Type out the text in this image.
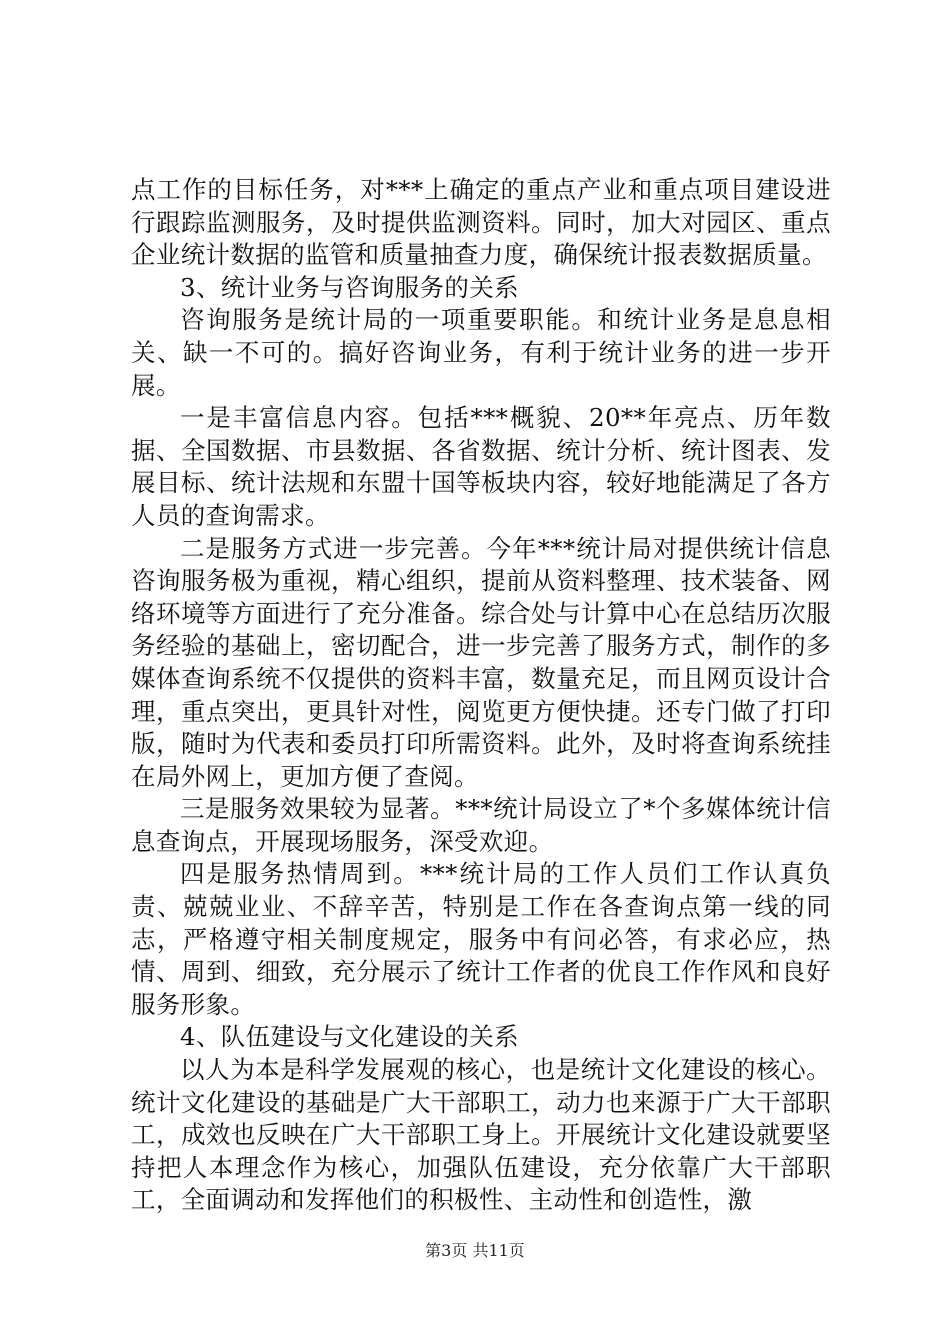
点工作的目标任务，对***上确定的重点产业和重点项目建设进行跟踪监测服务，及时提供监测资料。同时，加大对园区、重点企业统计数据的监管和质量抽查力度，确保统计报表数据质量。

3、统计业务与咨询服务的关系

咨询服务是统计局的一项重要职能。和统计业务是息息相关、缺一不可的。搞好咨询业务，有利于统计业务的进一步开展。

一是丰富信息内容。包括***概貌、20**年亮点、历年数据、全国数据、市县数据、各省数据、统计分析、统计图表、发展目标、统计法规和东盟十国等板块内容，较好地能满足了各方人员的查询需求。

二是服务方式进一步完善。今年***统计局对提供统计信息咨询服务极为重视，精心组织，提前从资料整理、技术装备、网络环境等方面进行了充分准备。综合处与计算中心在总结历次服务经验的基础上，密切配合，进一步完善了服务方式，制作的多媒体查询系统不仅提供的资料丰富，数量充足，而且网页设计合理，重点突出，更具针对性，阅览更方便快捷。还专门做了打印版，随时为代表和委员打印所需资料。此外，及时将查询系统挂在局外网上，更加方便了查阅。

三是服务效果较为显著。***统计局设立了*个多媒体统计信息查询点，开展现场服务，深受欢迎。

四是服务热情周到。***统计局的工作人员们工作认真负责、兢兢业业、不辞辛苦，特别是工作在各查询点第一线的同志，严格遵守相关制度规定，服务中有问必答，有求必应，热情、周到、细致，充分展示了统计工作者的优良工作作风和良好服务形象。

4、队伍建设与文化建设的关系

以人为本是科学发展观的核心，也是统计文化建设的核心。统计文化建设的基础是广大干部职工，动力也来源于广大干部职工，成效也反映在广大干部职工身上。开展统计文化建设就要坚持把人本理念作为核心，加强队伍建设，充分依靠广大干部职工，全面调动和发挥他们的积极性、主动性和创造性，激

第3页 共11页
